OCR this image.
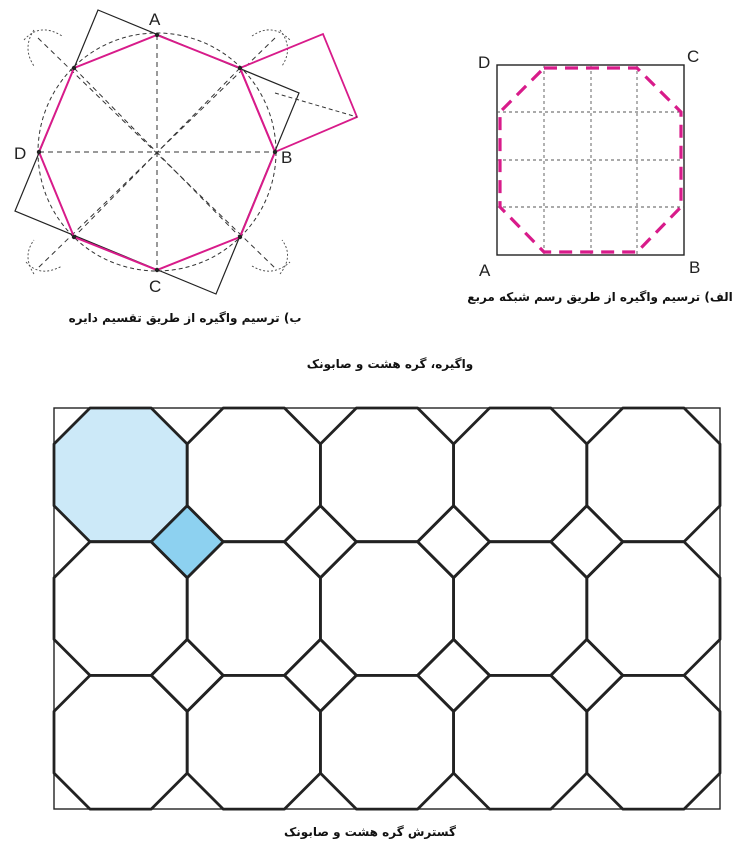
A
B
C
D
ب) ترسیم واگیره از طریق تقسیم دایره
D	C
A	B
الف) ترسیم واگیره از طریق رسم شبکه مربع
واگیره، گره هشت و صابونک
گسترش گره هشت و صابونک
